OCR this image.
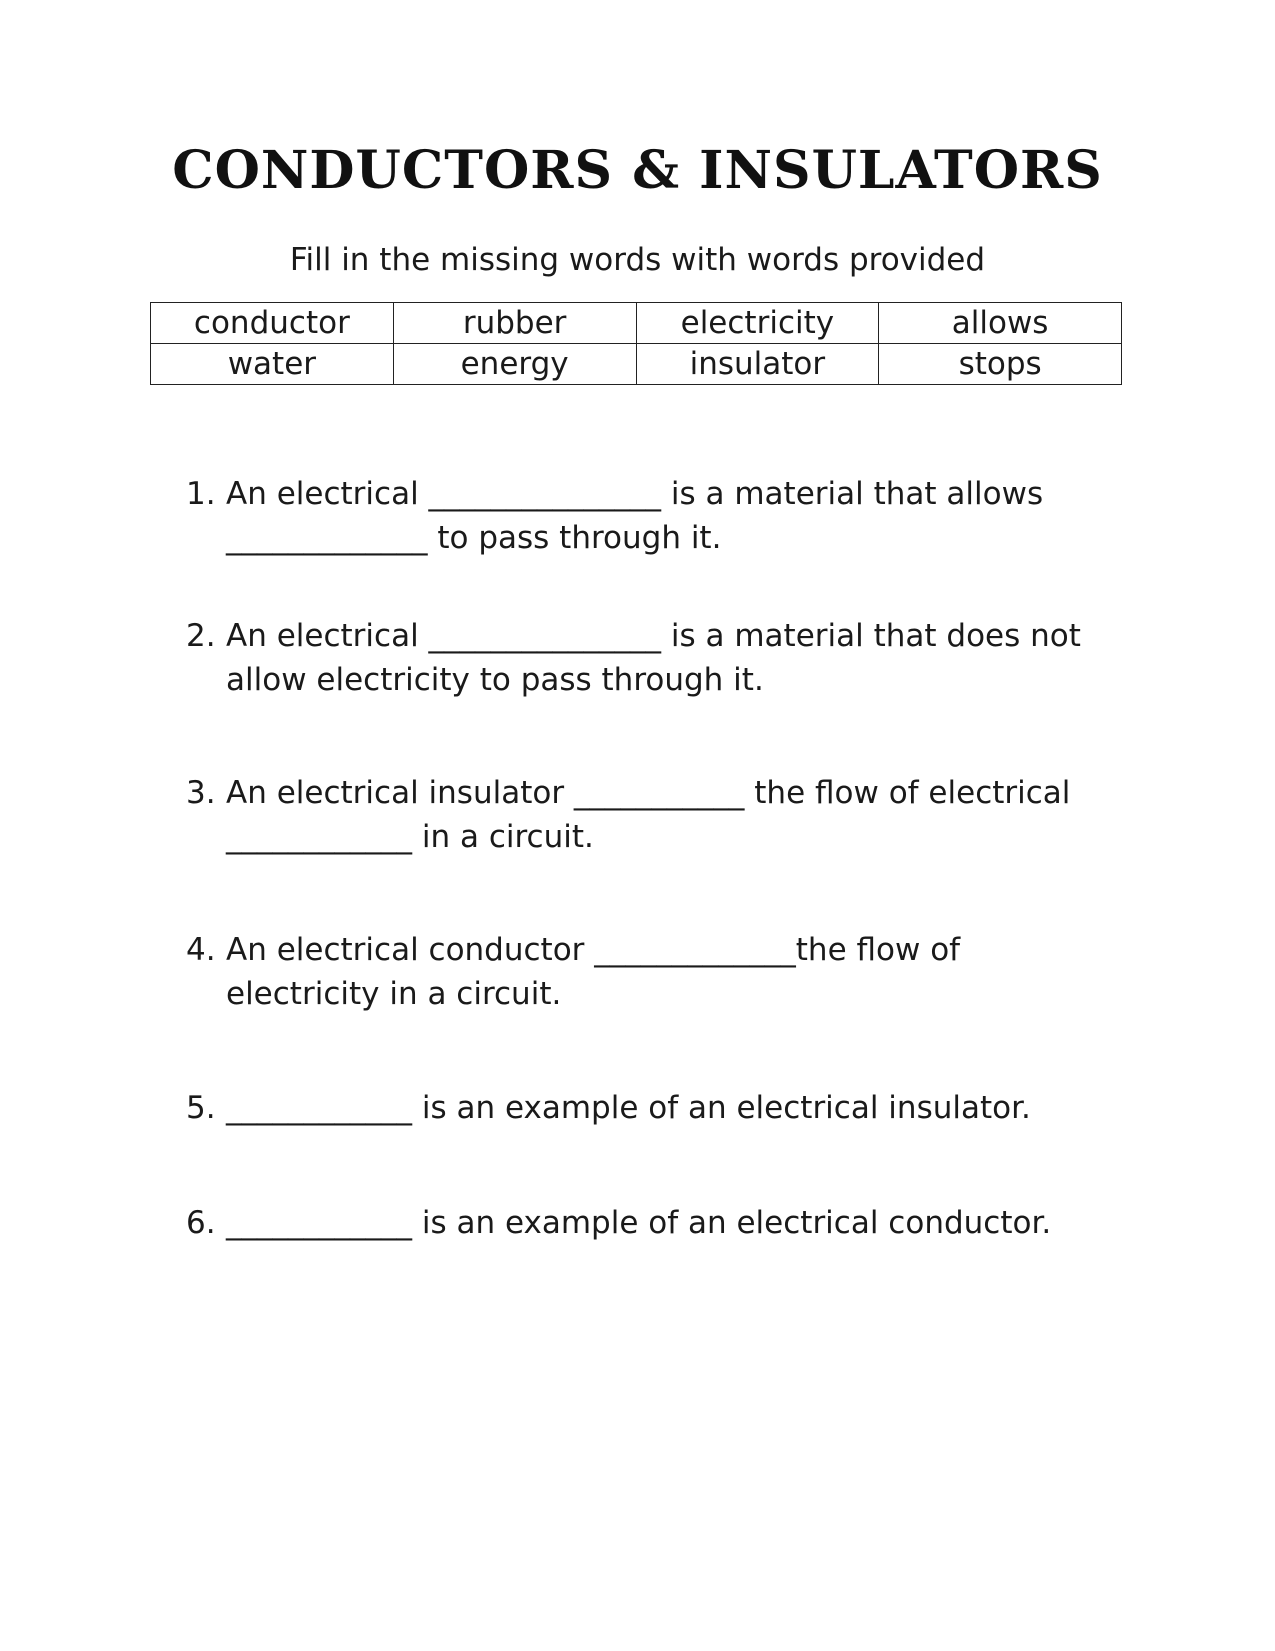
CONDUCTORS & INSULATORS

Fill in the missing words with words provided

conductor	rubber	electricity	allows
water	energy	insulator	stops
1. An electrical _______________ is a material that allows
_____________ to pass through it.
2. An electrical _______________ is a material that does not
allow electricity to pass through it.
3. An electrical insulator ___________ the flow of electrical
____________ in a circuit.
4. An electrical conductor _____________the flow of
electricity in a circuit.
5. ____________ is an example of an electrical insulator.
6. ____________ is an example of an electrical conductor.
